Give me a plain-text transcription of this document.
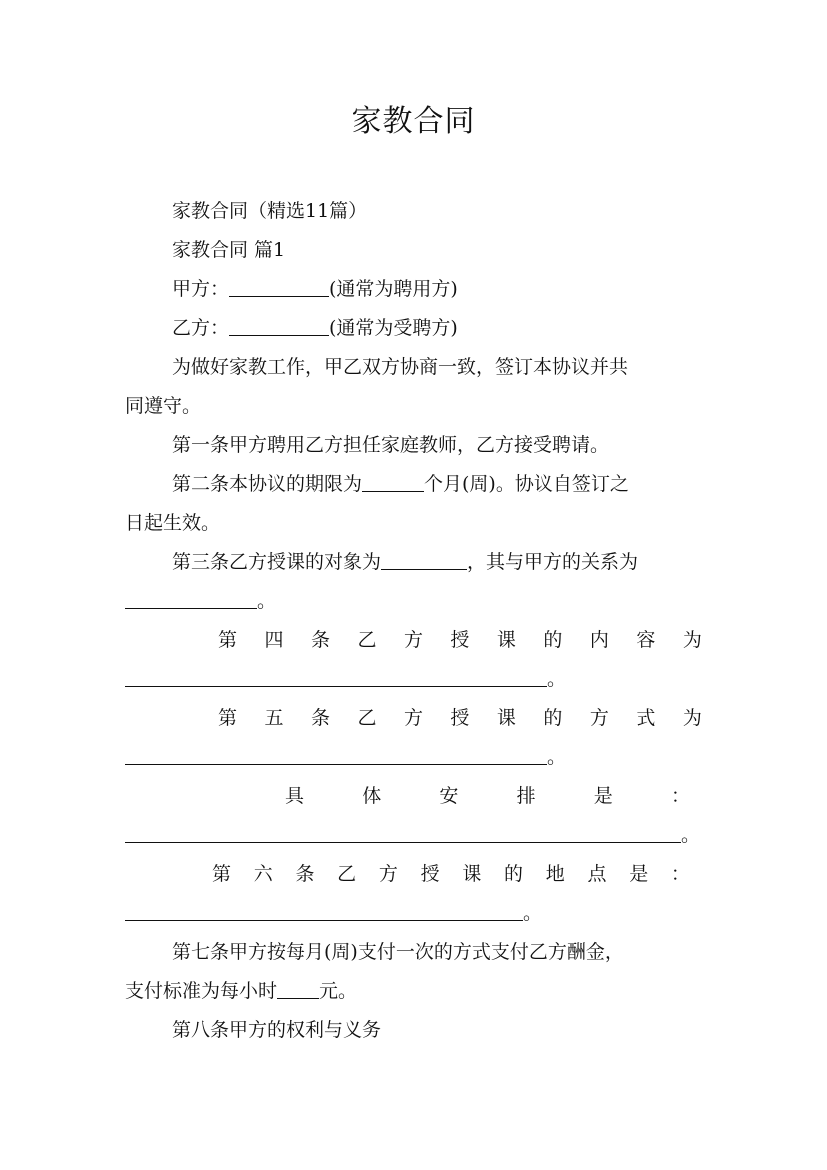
家教合同
家教合同（精选11篇）
家教合同 篇1
甲方：	(通常为聘用方)
乙方：	(通常为受聘方)
为做好家教工作，甲乙双方协商一致，签订本协议并共
同遵守。
第一条甲方聘用乙方担任家庭教师，乙方接受聘请。
第二条本协议的期限为	个月(周)。协议自签订之
日起生效。
第三条乙方授课的对象为	，其与甲方的关系为
。
第 四 条 乙 方 授 课 的 内 容 为
。
第 五 条 乙 方 授 课 的 方 式 为
。
具	体	安	排	是	：
。
第 六 条 乙 方 授 课 的 地 点 是 ：
。
第七条甲方按每月(周)支付一次的方式支付乙方酬金，
支付标准为每小时 元。
第八条甲方的权利与义务
